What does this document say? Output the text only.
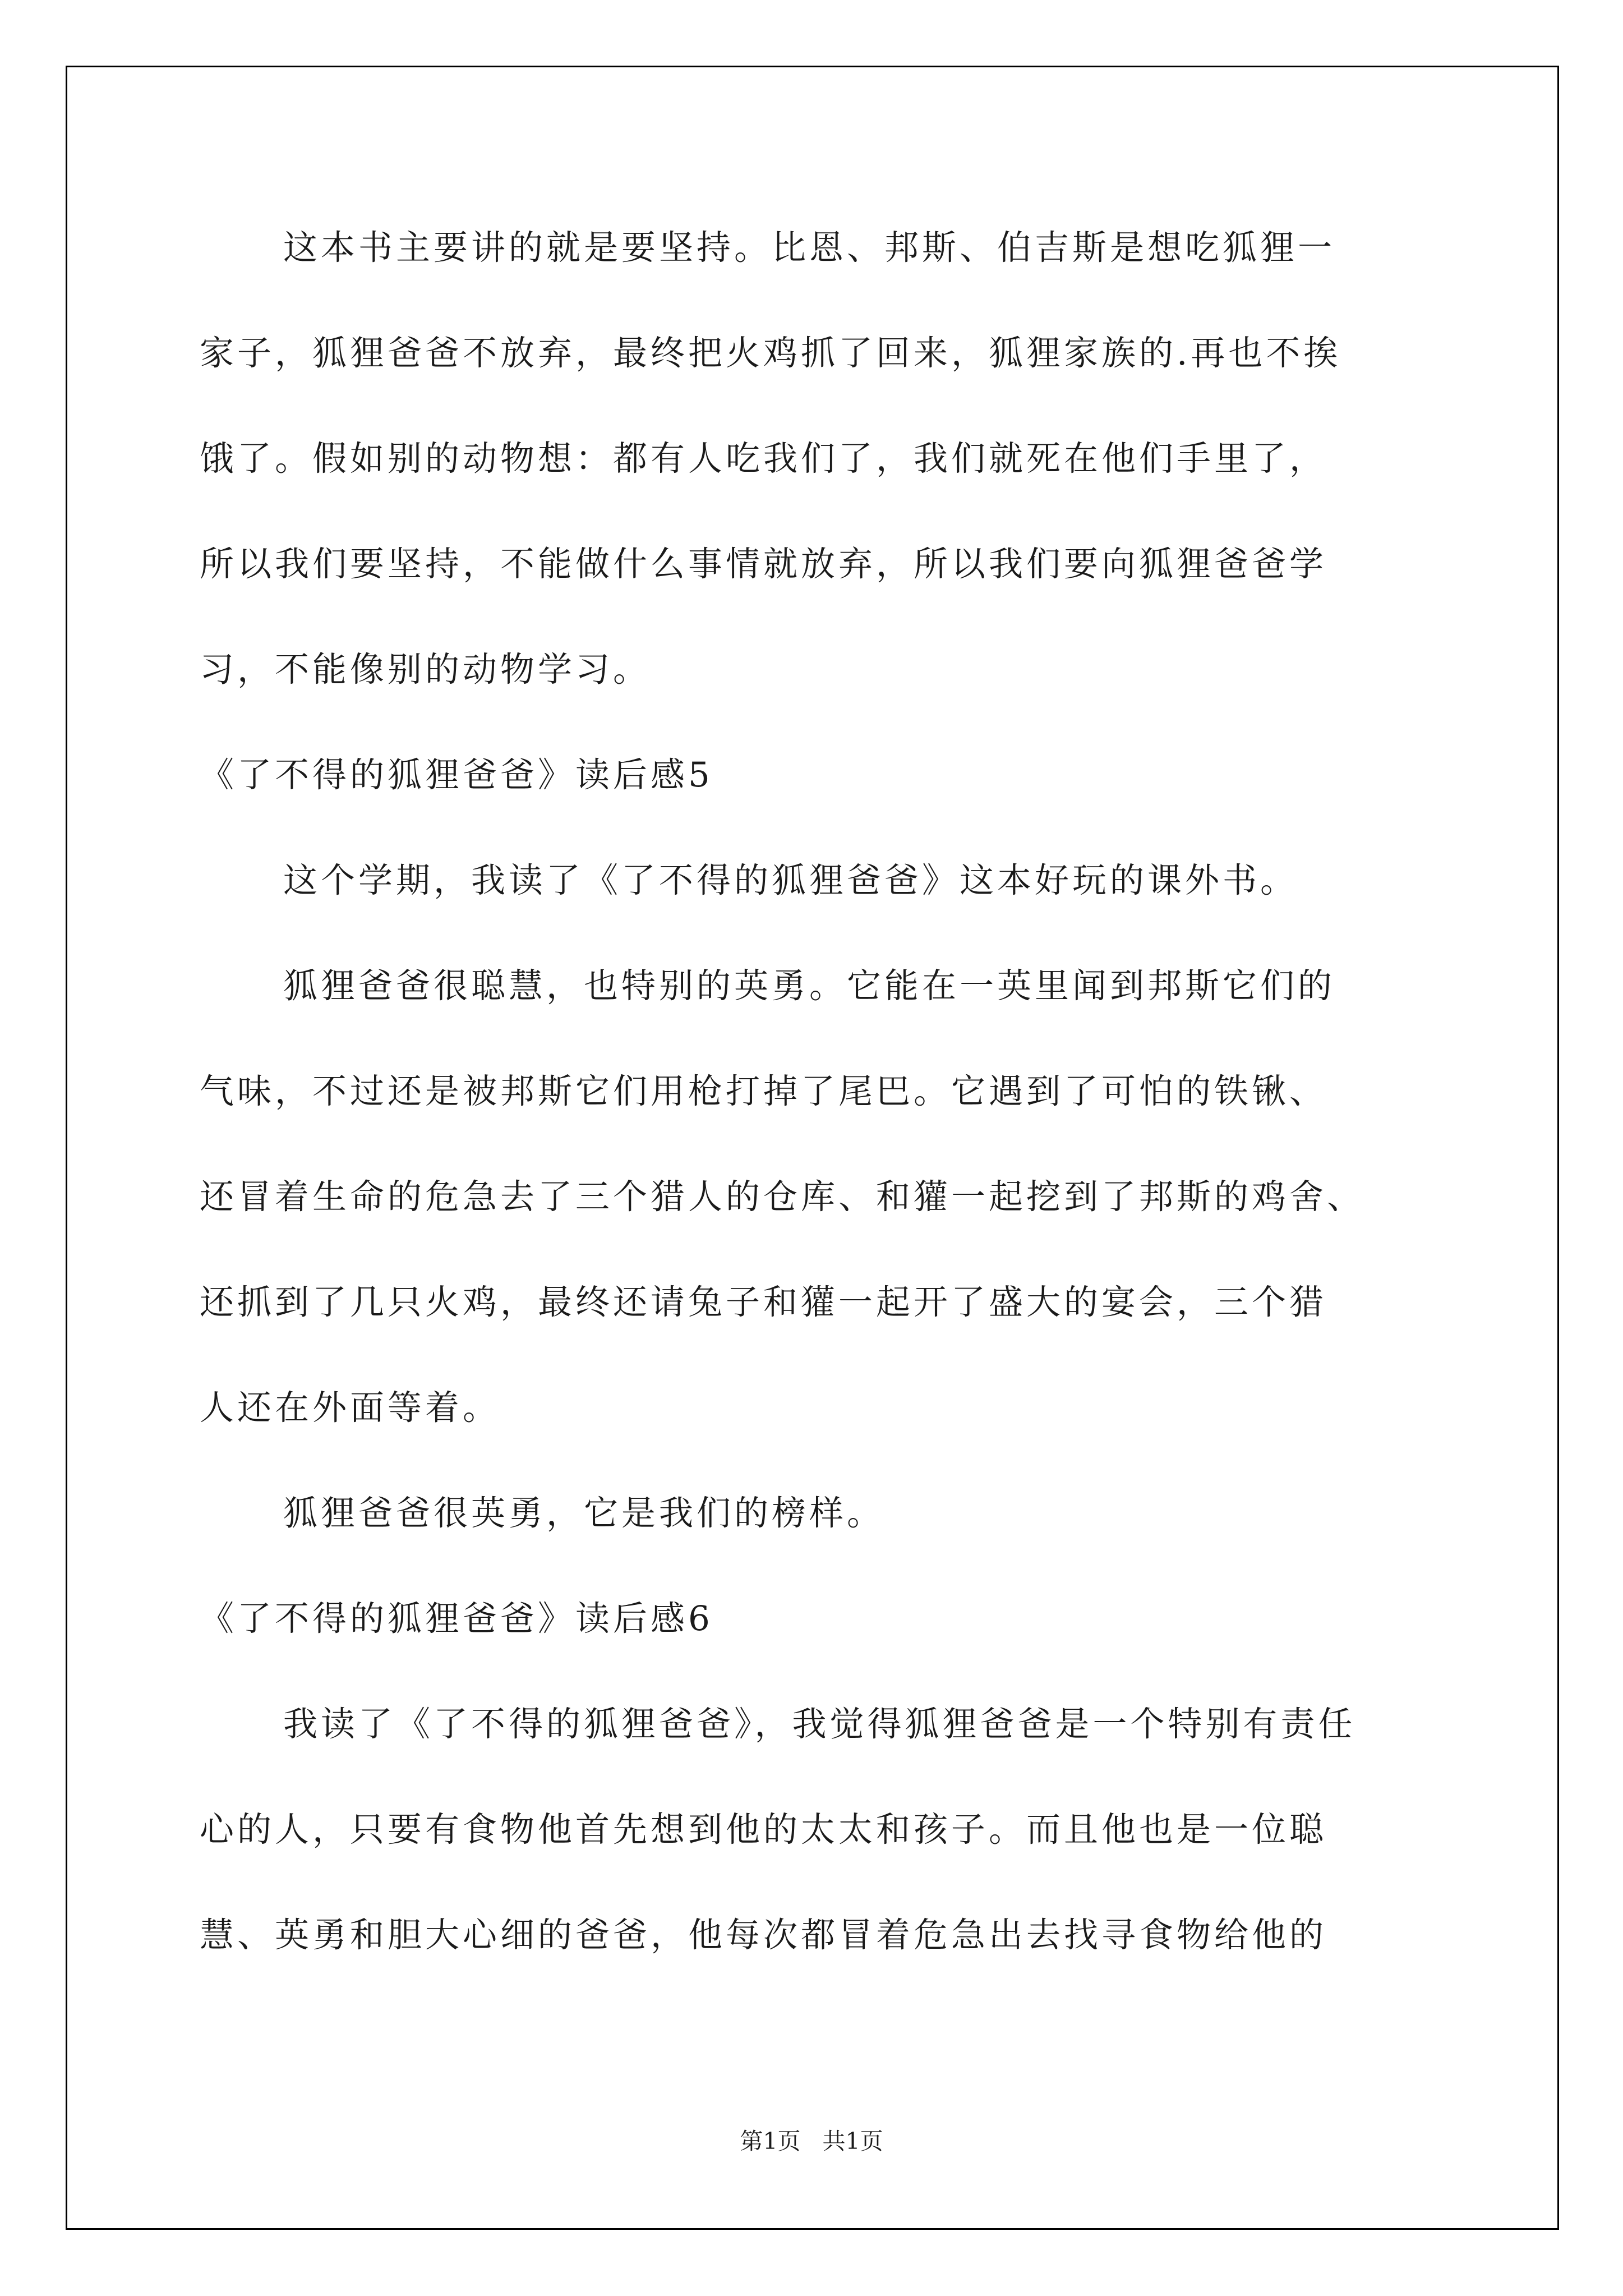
这本书主要讲的就是要坚持。比恩、邦斯、伯吉斯是想吃狐狸一
家子，狐狸爸爸不放弃，最终把火鸡抓了回来，狐狸家族的.再也不挨
饿了。假如别的动物想：都有人吃我们了，我们就死在他们手里了，
所以我们要坚持，不能做什么事情就放弃，所以我们要向狐狸爸爸学
习，不能像别的动物学习。
《了不得的狐狸爸爸》读后感5
这个学期，我读了《了不得的狐狸爸爸》这本好玩的课外书。
狐狸爸爸很聪慧，也特别的英勇。它能在一英里闻到邦斯它们的
气味，不过还是被邦斯它们用枪打掉了尾巴。它遇到了可怕的铁锹、
还冒着生命的危急去了三个猎人的仓库、和獾一起挖到了邦斯的鸡舍、
还抓到了几只火鸡，最终还请兔子和獾一起开了盛大的宴会，三个猎
人还在外面等着。
狐狸爸爸很英勇，它是我们的榜样。
《了不得的狐狸爸爸》读后感6
我读了《了不得的狐狸爸爸》，我觉得狐狸爸爸是一个特别有责任
心的人，只要有食物他首先想到他的太太和孩子。而且他也是一位聪
慧、英勇和胆大心细的爸爸，他每次都冒着危急出去找寻食物给他的
第1页   共1页
